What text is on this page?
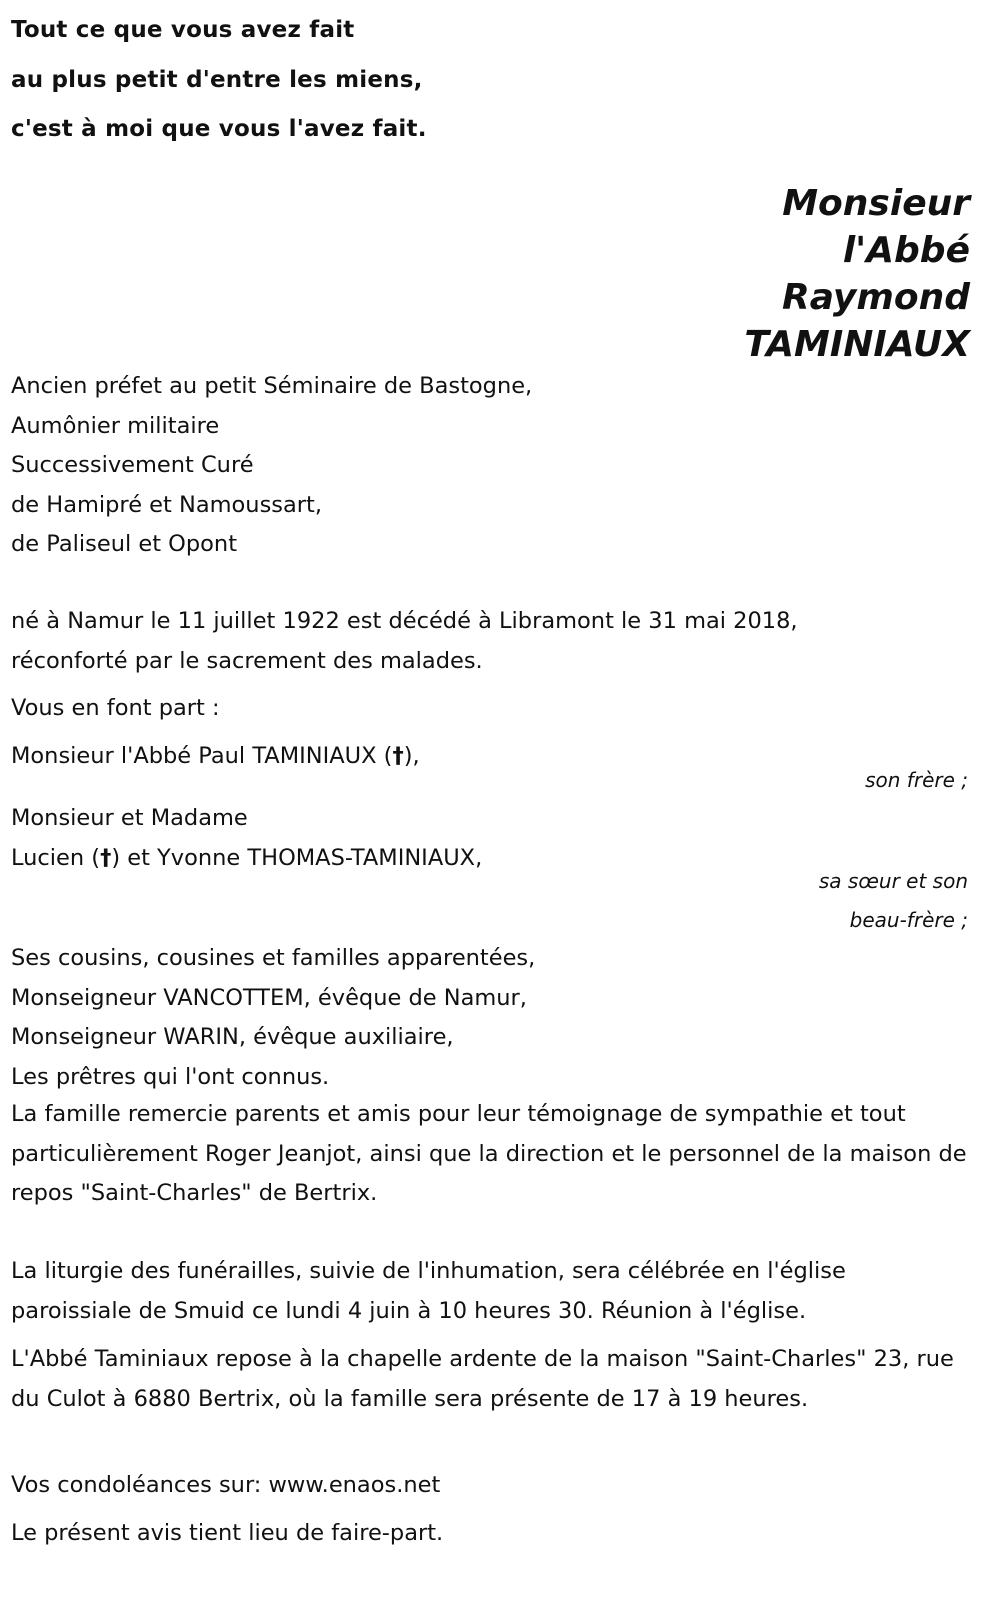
Tout ce que vous avez fait
au plus petit d'entre les miens,
c'est à moi que vous l'avez fait.
Monsieur
l'Abbé
Raymond
TAMINIAUX
Ancien préfet au petit Séminaire de Bastogne,
Aumônier militaire
Successivement Curé
de Hamipré et Namoussart,
de Paliseul et Opont
né à Namur le 11 juillet 1922 est décédé à Libramont le 31 mai 2018,
réconforté par le sacrement des malades.
Vous en font part :
Monsieur l'Abbé Paul TAMINIAUX (†),
son frère ;
Monsieur et Madame
Lucien (†) et Yvonne THOMAS-TAMINIAUX,
sa sœur et son
beau-frère ;
Ses cousins, cousines et familles apparentées,
Monseigneur VANCOTTEM, évêque de Namur,
Monseigneur WARIN, évêque auxiliaire,
Les prêtres qui l'ont connus.
La famille remercie parents et amis pour leur témoignage de sympathie et tout particulièrement Roger Jeanjot, ainsi que la direction et le personnel de la maison de repos "Saint-Charles" de Bertrix.
La liturgie des funérailles, suivie de l'inhumation, sera célébrée en l'église paroissiale de Smuid ce lundi 4 juin à 10 heures 30. Réunion à l'église.
L'Abbé Taminiaux repose à la chapelle ardente de la maison "Saint-Charles" 23, rue du Culot à 6880 Bertrix, où la famille sera présente de 17 à 19 heures.
Vos condoléances sur: www.enaos.net
Le présent avis tient lieu de faire-part.
